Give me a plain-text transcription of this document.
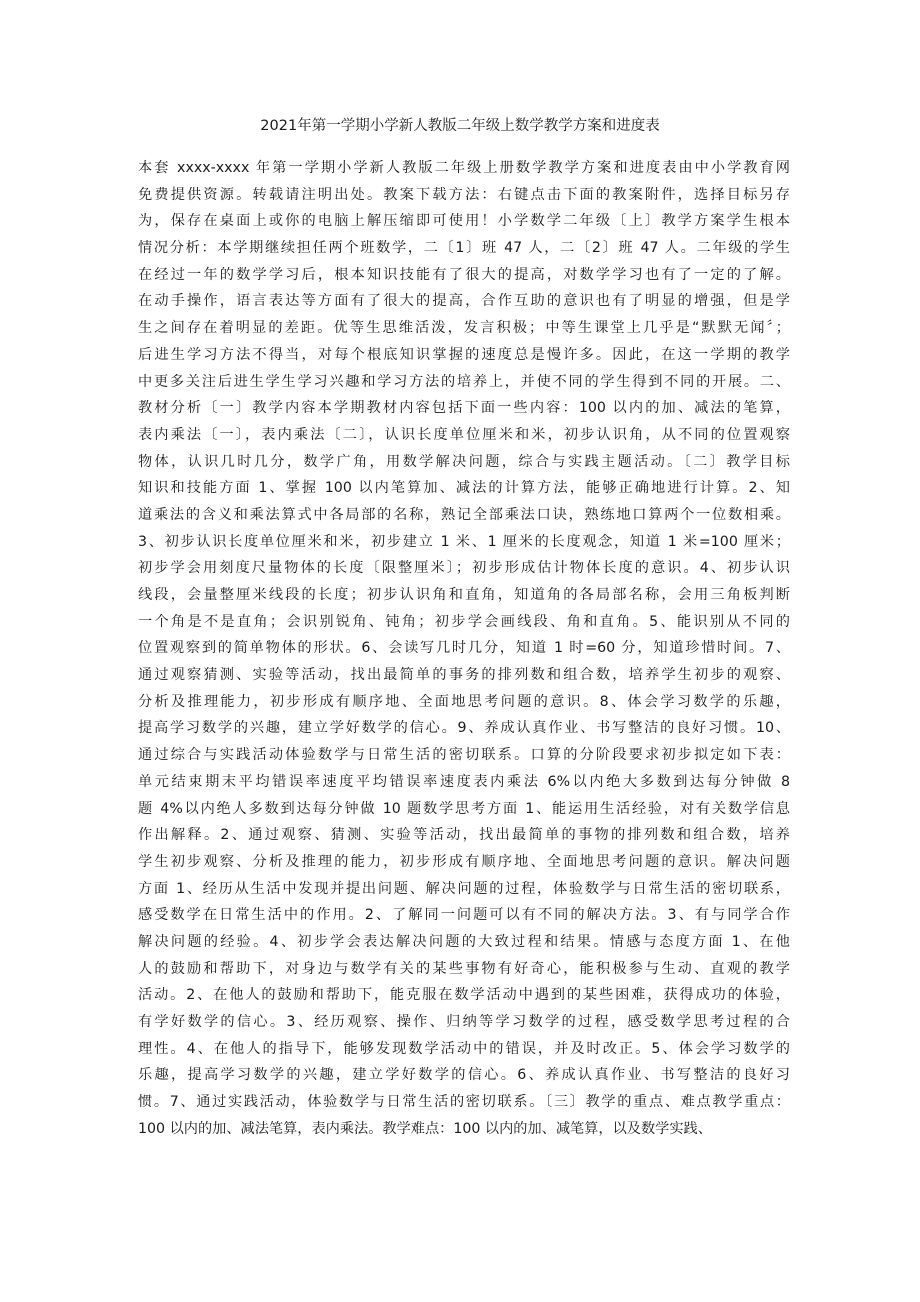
2021年第一学期小学新人教版二年级上数学教学方案和进度表
本套 xxxx-xxxx 年第一学期小学新人教版二年级上册数学教学方案和进度表由中小学教育网
免费提供资源。转载请注明出处。教案下载方法：右键点击下面的教案附件，选择目标另存
为，保存在桌面上或你的电脑上解压缩即可使用！小学数学二年级〔上〕教学方案学生根本
情况分析：本学期继续担任两个班数学，二〔1〕班 47 人，二〔2〕班 47 人。二年级的学生
在经过一年的数学学习后，根本知识技能有了很大的提高，对数学学习也有了一定的了解。
在动手操作，语言表达等方面有了很大的提高，合作互助的意识也有了明显的增强，但是学
生之间存在着明显的差距。优等生思维活泼，发言积极；中等生课堂上几乎是“默默无闻〞；
后进生学习方法不得当，对每个根底知识掌握的速度总是慢许多。因此，在这一学期的教学
中更多关注后进生学生学习兴趣和学习方法的培养上，并使不同的学生得到不同的开展。二、
教材分析〔一〕教学内容本学期教材内容包括下面一些内容：100 以内的加、减法的笔算，
表内乘法〔一〕，表内乘法〔二〕，认识长度单位厘米和米，初步认识角，从不同的位置观察
物体，认识几时几分，数学广角，用数学解决问题，综合与实践主题活动。〔二〕教学目标
知识和技能方面 1、掌握 100 以内笔算加、减法的计算方法，能够正确地进行计算。2、知
道乘法的含义和乘法算式中各局部的名称，熟记全部乘法口诀，熟练地口算两个一位数相乘。
3、初步认识长度单位厘米和米，初步建立 1 米、1 厘米的长度观念，知道 1 米=100 厘米；
初步学会用刻度尺量物体的长度〔限整厘米〕；初步形成估计物体长度的意识。4、初步认识
线段，会量整厘米线段的长度；初步认识角和直角，知道角的各局部名称，会用三角板判断
一个角是不是直角；会识别锐角、钝角；初步学会画线段、角和直角。5、能识别从不同的
位置观察到的简单物体的形状。6、会读写几时几分，知道 1 时=60 分，知道珍惜时间。7、
通过观察猜测、实验等活动，找出最简单的事务的排列数和组合数，培养学生初步的观察、
分析及推理能力，初步形成有顺序地、全面地思考问题的意识。8、体会学习数学的乐趣，
提高学习数学的兴趣，建立学好数学的信心。9、养成认真作业、书写整洁的良好习惯。10、
通过综合与实践活动体验数学与日常生活的密切联系。口算的分阶段要求初步拟定如下表：
单元结束期末平均错误率速度平均错误率速度表内乘法 6%以内绝大多数到达每分钟做 8
题 4%以内绝人多数到达每分钟做 10 题数学思考方面 1、能运用生活经验，对有关数学信息
作出解释。2、通过观察、猜测、实验等活动，找出最简单的事物的排列数和组合数，培养
学生初步观察、分析及推理的能力，初步形成有顺序地、全面地思考问题的意识。解决问题
方面 1、经历从生活中发现并提出问题、解决问题的过程，体验数学与日常生活的密切联系，
感受数学在日常生活中的作用。2、了解同一问题可以有不同的解决方法。3、有与同学合作
解决问题的经验。4、初步学会表达解决问题的大致过程和结果。情感与态度方面 1、在他
人的鼓励和帮助下，对身边与数学有关的某些事物有好奇心，能积极参与生动、直观的教学
活动。2、在他人的鼓励和帮助下，能克服在数学活动中遇到的某些困难，获得成功的体验，
有学好数学的信心。3、经历观察、操作、归纳等学习数学的过程，感受数学思考过程的合
理性。4、在他人的指导下，能够发现数学活动中的错误，并及时改正。5、体会学习数学的
乐趣，提高学习数学的兴趣，建立学好数学的信心。6、养成认真作业、书写整洁的良好习
惯。7、通过实践活动，体验数学与日常生活的密切联系。〔三〕教学的重点、难点教学重点：
100 以内的加、减法笔算，表内乘法。教学难点：100 以内的加、减笔算，以及数学实践、
